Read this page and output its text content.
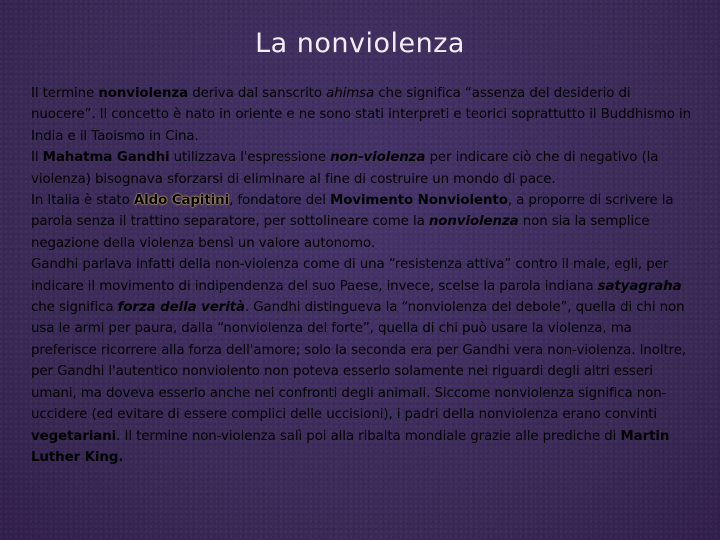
La nonviolenza

Il termine nonviolenza deriva dal sanscrito ahimsa che significa “assenza del desiderio di nuocere”. Il concetto è nato in oriente e ne sono stati interpreti e teorici soprattutto il Buddhismo in India e il Taoismo in Cina.

Il Mahatma Gandhi utilizzava l'espressione non-violenza per indicare ciò che di negativo (la violenza) bisognava sforzarsi di eliminare al fine di costruire un mondo di pace.

In Italia è stato Aldo Capitini, fondatore del Movimento Nonviolento, a proporre di scrivere la parola senza il trattino separatore, per sottolineare come la nonviolenza non sia la semplice negazione della violenza bensì un valore autonomo.

Gandhi parlava infatti della non-violenza come di una “resistenza attiva” contro il male, egli, per indicare il movimento di indipendenza del suo Paese, invece, scelse la parola indiana satyagraha che significa forza della verità. Gandhi distingueva la “nonviolenza del debole”, quella di chi non usa le armi per paura, dalla “nonviolenza del forte”, quella di chi può usare la violenza, ma preferisce ricorrere alla forza dell'amore; solo la seconda era per Gandhi vera non-violenza. Inoltre, per Gandhi l'autentico nonviolento non poteva esserlo solamente nei riguardi degli altri esseri umani, ma doveva esserlo anche nei confronti degli animali. Siccome nonviolenza significa non-uccidere (ed evitare di essere complici delle uccisioni), i padri della nonviolenza erano convinti vegetariani. Il termine non-violenza salì poi alla ribalta mondiale grazie alle prediche di Martin Luther King.
